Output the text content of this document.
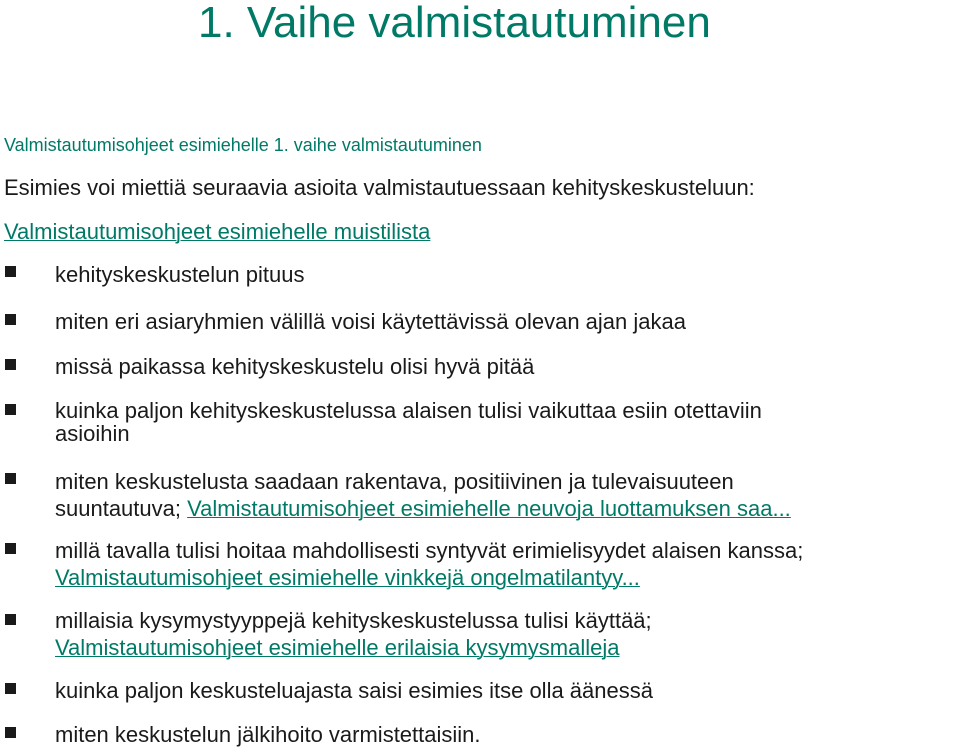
1. Vaihe valmistautuminen
Valmistautumisohjeet esimiehelle 1. vaihe valmistautuminen
Esimies voi miettiä seuraavia asioita valmistautuessaan kehityskeskusteluun:
Valmistautumisohjeet esimiehelle muistilista
kehityskeskustelun pituus
miten eri asiaryhmien välillä voisi käytettävissä olevan ajan jakaa
missä paikassa kehityskeskustelu olisi hyvä pitää
kuinka paljon kehityskeskustelussa alaisen tulisi vaikuttaa esiin otettaviin
asioihin
miten keskustelusta saadaan rakentava, positiivinen ja tulevaisuuteen
suuntautuva; Valmistautumisohjeet esimiehelle neuvoja luottamuksen saa...
millä tavalla tulisi hoitaa mahdollisesti syntyvät erimielisyydet alaisen kanssa;
Valmistautumisohjeet esimiehelle vinkkejä ongelmatilantyy...
millaisia kysymystyyppejä kehityskeskustelussa tulisi käyttää;
Valmistautumisohjeet esimiehelle erilaisia kysymysmalleja
kuinka paljon keskusteluajasta saisi esimies itse olla äänessä
miten keskustelun jälkihoito varmistettaisiin.
